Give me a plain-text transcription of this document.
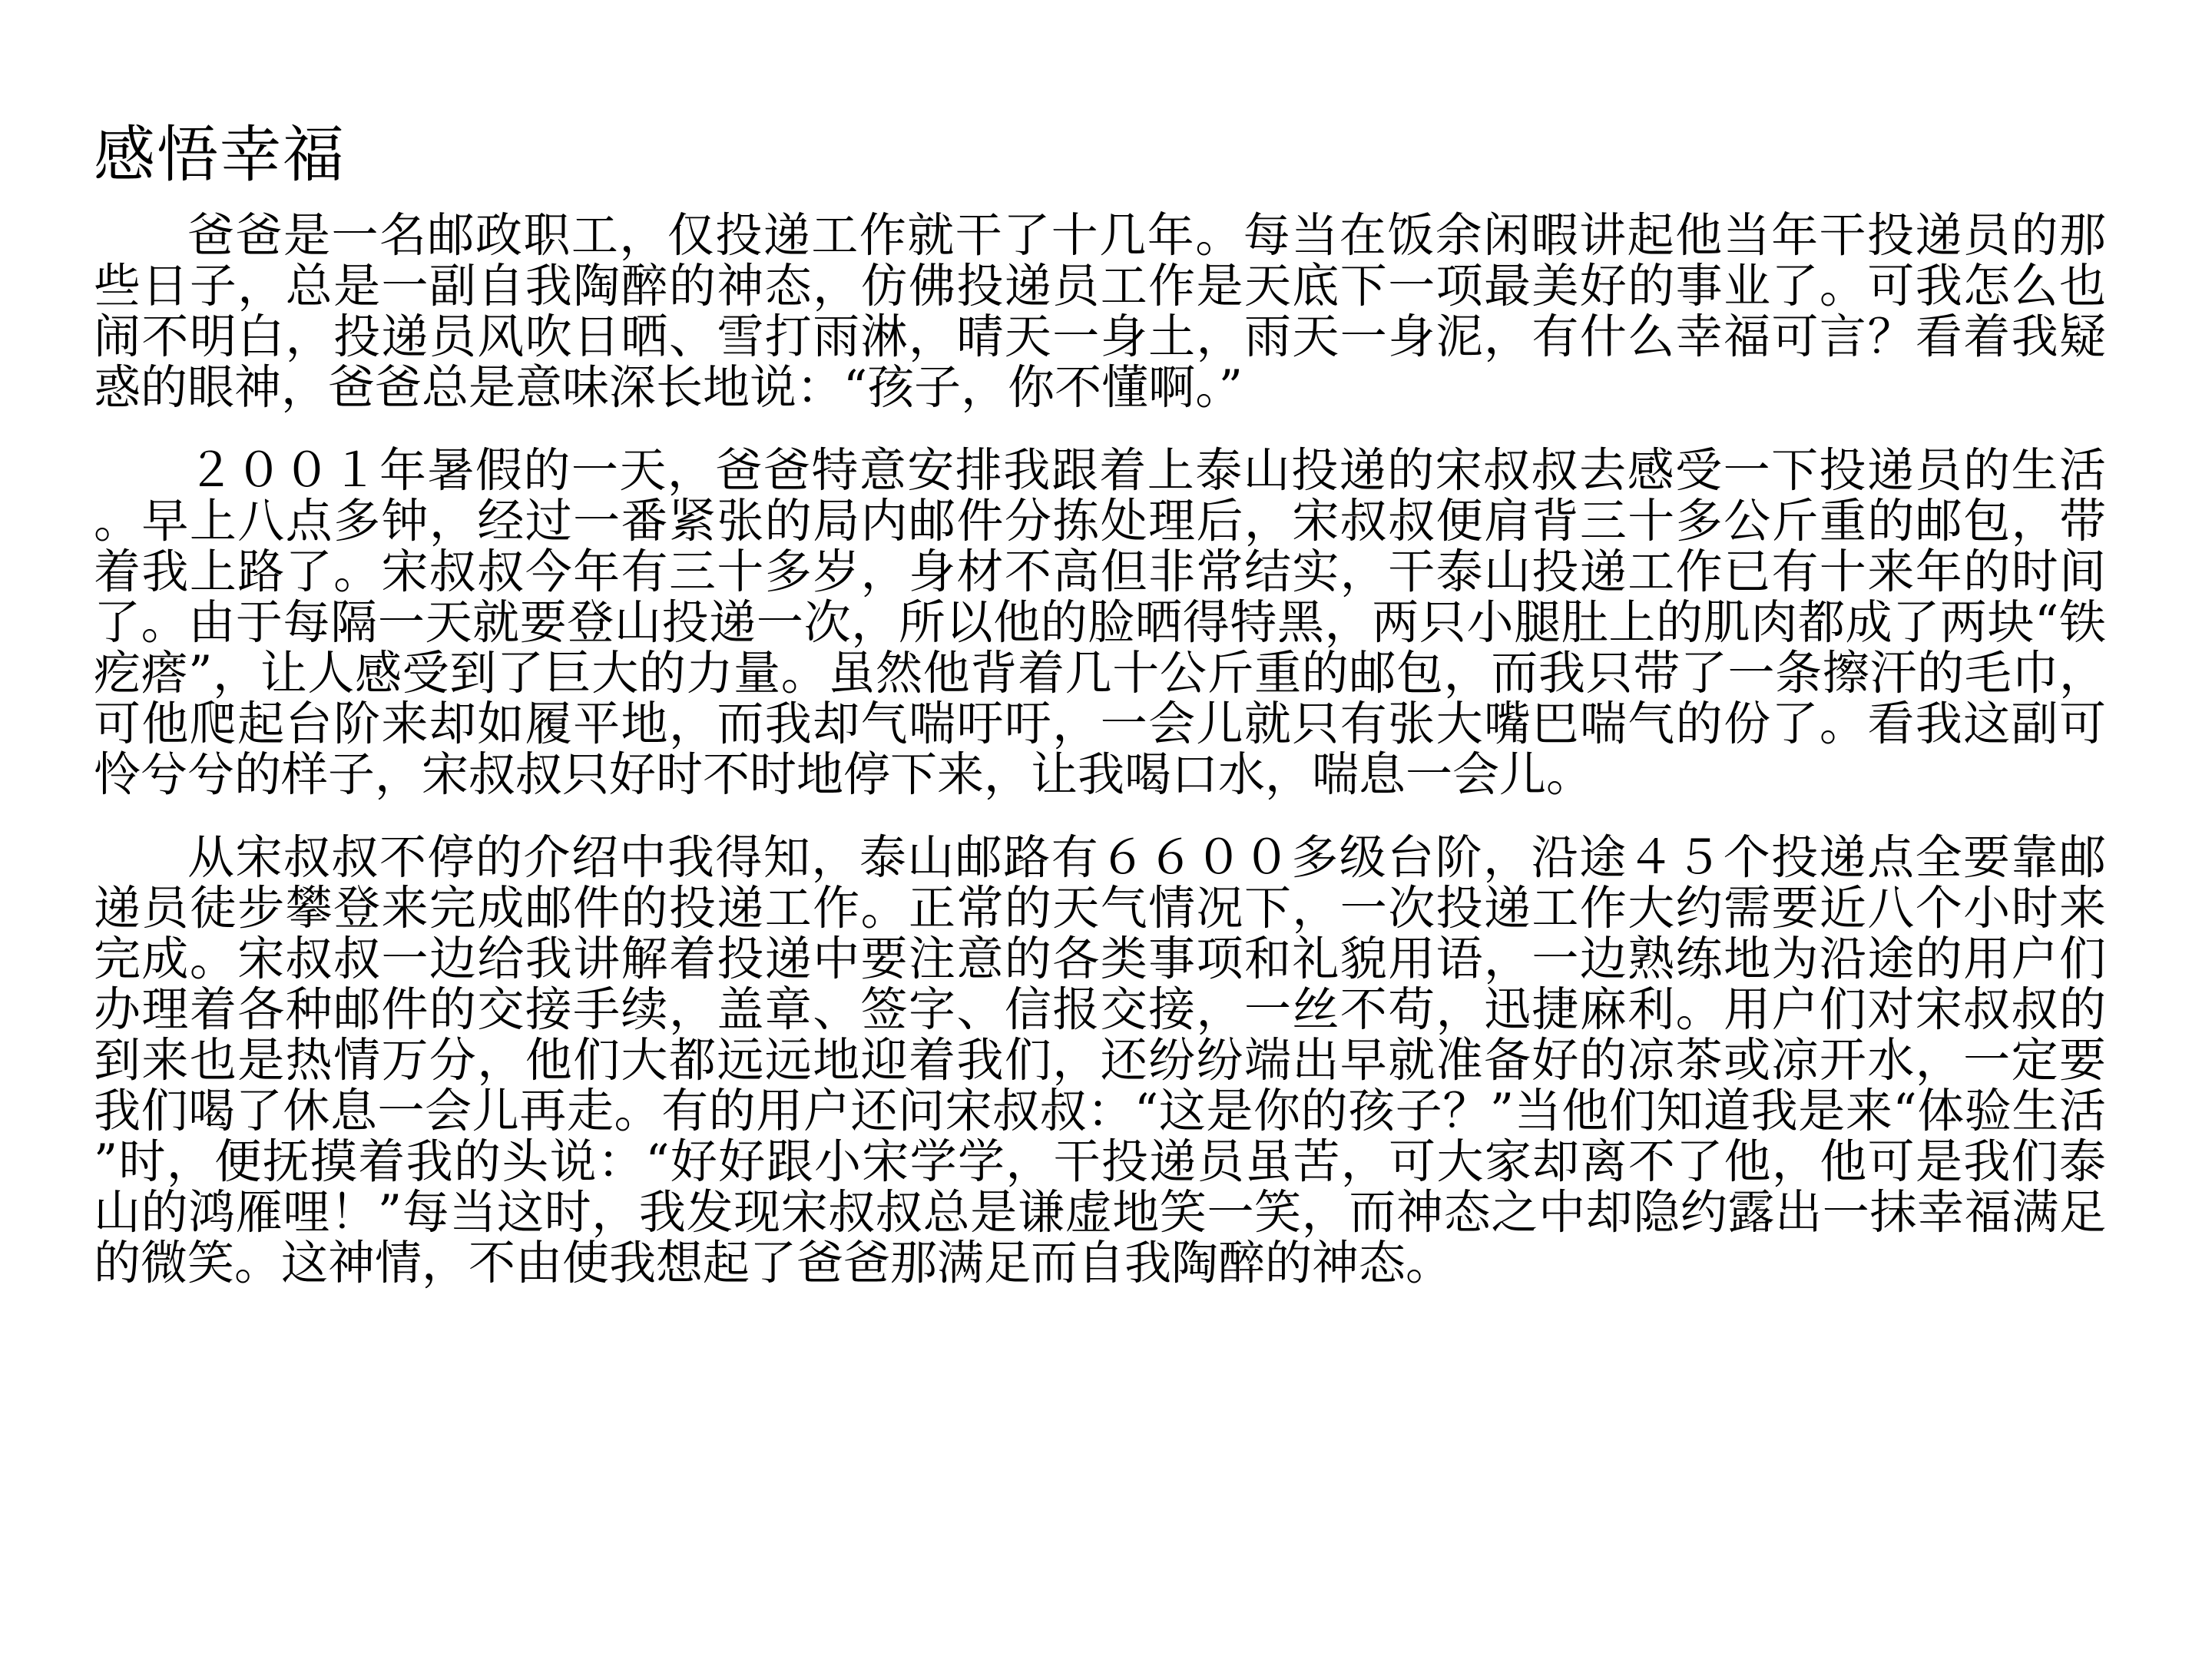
感悟幸福

爸爸是一名邮政职工，仅投递工作就干了十几年。每当在饭余闲暇讲起他当年干投递员的那些日子，总是一副自我陶醉的神态，仿佛投递员工作是天底下一项最美好的事业了。可我怎么也闹不明白，投递员风吹日晒、雪打雨淋，晴天一身土，雨天一身泥，有什么幸福可言？看着我疑惑的眼神，爸爸总是意味深长地说：“孩子，你不懂啊。”

２００１年暑假的一天，爸爸特意安排我跟着上泰山投递的宋叔叔去感受一下投递员的生活。早上八点多钟，经过一番紧张的局内邮件分拣处理后，宋叔叔便肩背三十多公斤重的邮包，带着我上路了。宋叔叔今年有三十多岁，身材不高但非常结实，干泰山投递工作已有十来年的时间了。由于每隔一天就要登山投递一次，所以他的脸晒得特黑，两只小腿肚上的肌肉都成了两块“铁疙瘩”，让人感受到了巨大的力量。虽然他背着几十公斤重的邮包，而我只带了一条擦汗的毛巾，可他爬起台阶来却如履平地，而我却气喘吁吁，一会儿就只有张大嘴巴喘气的份了。看我这副可怜兮兮的样子，宋叔叔只好时不时地停下来，让我喝口水，喘息一会儿。

从宋叔叔不停的介绍中我得知，泰山邮路有６６００多级台阶，沿途４５个投递点全要靠邮递员徒步攀登来完成邮件的投递工作。正常的天气情况下，一次投递工作大约需要近八个小时来完成。宋叔叔一边给我讲解着投递中要注意的各类事项和礼貌用语，一边熟练地为沿途的用户们办理着各种邮件的交接手续，盖章、签字、信报交接，一丝不苟，迅捷麻利。用户们对宋叔叔的到来也是热情万分，他们大都远远地迎着我们，还纷纷端出早就准备好的凉茶或凉开水，一定要我们喝了休息一会儿再走。有的用户还问宋叔叔：“这是你的孩子？”当他们知道我是来“体验生活”时，便抚摸着我的头说：“好好跟小宋学学，干投递员虽苦，可大家却离不了他，他可是我们泰山的鸿雁哩！”每当这时，我发现宋叔叔总是谦虚地笑一笑，而神态之中却隐约露出一抹幸福满足的微笑。这神情，不由使我想起了爸爸那满足而自我陶醉的神态。
